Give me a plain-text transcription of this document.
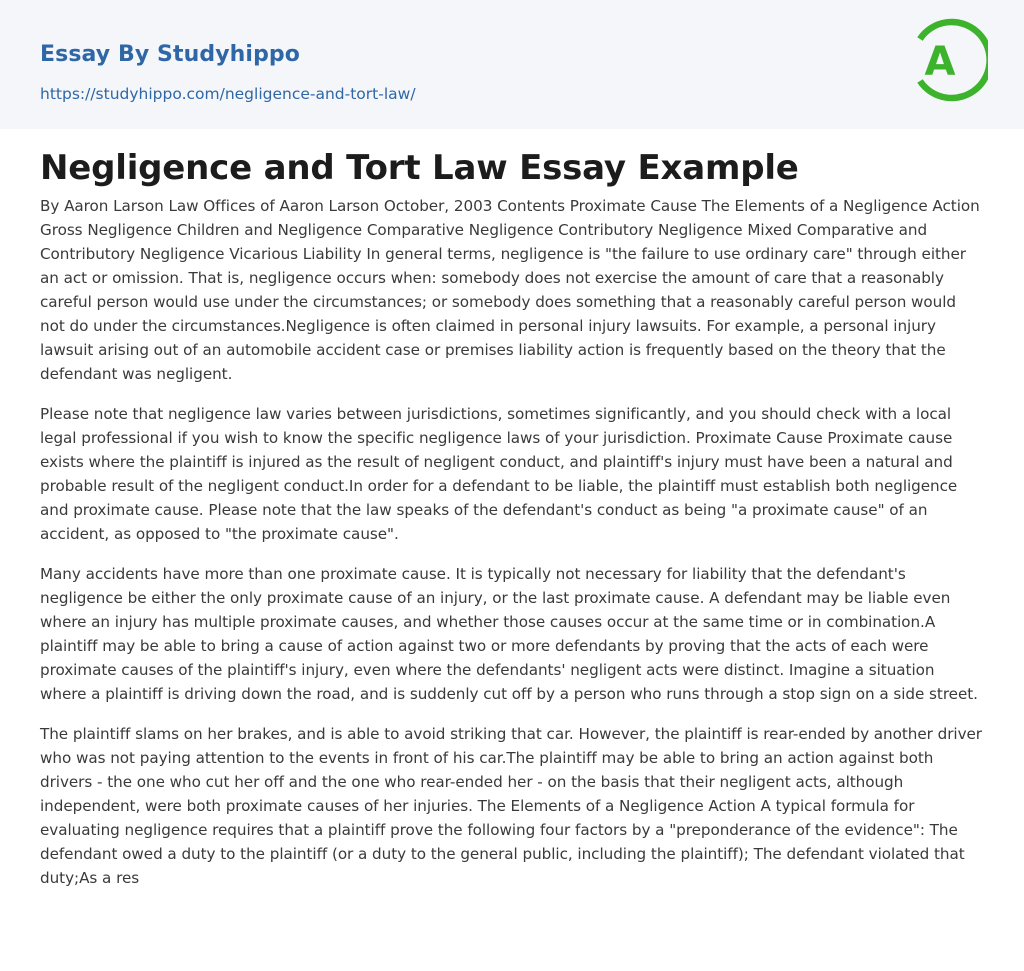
Essay By Studyhippo
https://studyhippo.com/negligence-and-tort-law/
A
Negligence and Tort Law Essay Example

By Aaron Larson Law Offices of Aaron Larson October, 2003 Contents Proximate Cause The Elements of a Negligence Action Gross Negligence Children and Negligence Comparative Negligence Contributory Negligence Mixed Comparative and Contributory Negligence Vicarious Liability In general terms, negligence is "the failure to use ordinary care" through either an act or omission. That is, negligence occurs when: somebody does not exercise the amount of care that a reasonably careful person would use under the circumstances; or somebody does something that a reasonably careful person would not do under the circumstances.Negligence is often claimed in personal injury lawsuits. For example, a personal injury lawsuit arising out of an automobile accident case or premises liability action is frequently based on the theory that the defendant was negligent.

Please note that negligence law varies between jurisdictions, sometimes significantly, and you should check with a local legal professional if you wish to know the specific negligence laws of your jurisdiction. Proximate Cause Proximate cause exists where the plaintiff is injured as the result of negligent conduct, and plaintiff's injury must have been a natural and probable result of the negligent conduct.In order for a defendant to be liable, the plaintiff must establish both negligence and proximate cause. Please note that the law speaks of the defendant's conduct as being "a proximate cause" of an accident, as opposed to "the proximate cause".

Many accidents have more than one proximate cause. It is typically not necessary for liability that the defendant's negligence be either the only proximate cause of an injury, or the last proximate cause. A defendant may be liable even where an injury has multiple proximate causes, and whether those causes occur at the same time or in combination.A plaintiff may be able to bring a cause of action against two or more defendants by proving that the acts of each were proximate causes of the plaintiff's injury, even where the defendants' negligent acts were distinct. Imagine a situation where a plaintiff is driving down the road, and is suddenly cut off by a person who runs through a stop sign on a side street.

The plaintiff slams on her brakes, and is able to avoid striking that car. However, the plaintiff is rear-ended by another driver who was not paying attention to the events in front of his car.The plaintiff may be able to bring an action against both drivers - the one who cut her off and the one who rear-ended her - on the basis that their negligent acts, although independent, were both proximate causes of her injuries. The Elements of a Negligence Action A typical formula for evaluating negligence requires that a plaintiff prove the following four factors by a "preponderance of the evidence": The defendant owed a duty to the plaintiff (or a duty to the general public, including the plaintiff); The defendant violated that duty;As a res
